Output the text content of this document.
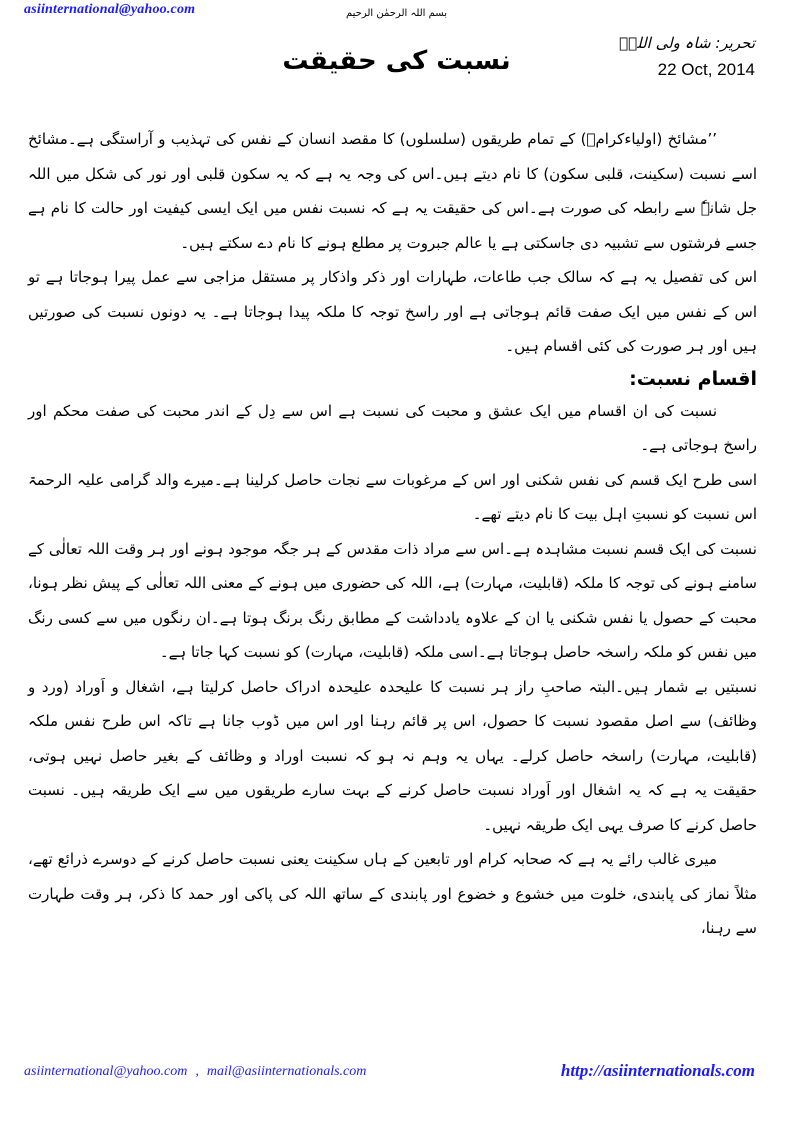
asiinternational@yahoo.com	بسم اللہ الرحمٰن الرحیم
نسبت کی حقیقت
تحریر: شاہ ولی اللہؒ
22 Oct, 2014

’’مشائخ (اولیاءکرامؒ) کے تمام طریقوں (سلسلوں) کا مقصد انسان کے نفس کی تہذیب و آراستگی ہے۔مشائخ اسے نسبت (سکینت، قلبی سکون) کا نام دیتے ہیں۔اس کی وجہ یہ ہے کہ یہ سکون قلبی اور نور کی شکل میں اللہ جل شانہٗ سے رابطہ کی صورت ہے۔اس کی حقیقت یہ ہے کہ نسبت نفس میں ایک ایسی کیفیت اور حالت کا نام ہے جسے فرشتوں سے تشبیہ دی جاسکتی ہے یا عالم جبروت پر مطلع ہونے کا نام دے سکتے ہیں۔

اس کی تفصیل یہ ہے کہ سالک جب طاعات، طہارات اور ذکر واذکار پر مستقل مزاجی سے عمل پیرا ہوجاتا ہے تو اس کے نفس میں ایک صفت قائم ہوجاتی ہے اور راسخ توجہ کا ملکہ پیدا ہوجاتا ہے۔ یہ دونوں نسبت کی صورتیں ہیں اور ہر صورت کی کئی اقسام ہیں۔

اقسام نسبت:

نسبت کی ان اقسام میں ایک عشق و محبت کی نسبت ہے اس سے دِل کے اندر محبت کی صفت محکم اور راسخ ہوجاتی ہے۔

اسی طرح ایک قسم کی نفس شکنی اور اس کے مرغوبات سے نجات حاصل کرلینا ہے۔میرے والد گرامی علیہ الرحمۃ اس نسبت کو نسبتِ اہل بیت کا نام دیتے تھے۔

نسبت کی ایک قسم نسبت مشاہدہ ہے۔اس سے مراد ذات مقدس کے ہر جگہ موجود ہونے اور ہر وقت اللہ تعالٰی کے سامنے ہونے کی توجہ کا ملکہ (قابلیت، مہارت) ہے، اللہ کی حضوری میں ہونے کے معنی اللہ تعالٰی کے پیش نظر ہونا، محبت کے حصول یا نفس شکنی یا ان کے علاوہ یادداشت کے مطابق رنگ برنگ ہوتا ہے۔ان رنگوں میں سے کسی رنگ میں نفس کو ملکہ راسخہ حاصل ہوجاتا ہے۔اسی ملکہ (قابلیت، مہارت) کو نسبت کہا جاتا ہے۔

نسبتیں بے شمار ہیں۔البتہ صاحبِ راز ہر نسبت کا علیحدہ علیحدہ ادراک حاصل کرلیتا ہے، اشغال و اَوراد (ورد و وظائف) سے اصل مقصود نسبت کا حصول، اس پر قائم رہنا اور اس میں ڈوب جانا ہے تاکہ اس طرح نفس ملکہ (قابلیت، مہارت) راسخہ حاصل کرلے۔ یہاں یہ وہم نہ ہو کہ نسبت اوراد و وظائف کے بغیر حاصل نہیں ہوتی، حقیقت یہ ہے کہ یہ اشغال اور اَوراد نسبت حاصل کرنے کے بہت سارے طریقوں میں سے ایک طریقہ ہیں۔ نسبت حاصل کرنے کا صرف یہی ایک طریقہ نہیں۔

میری غالب رائے یہ ہے کہ صحابہ کرام اور تابعین کے ہاں سکینت یعنی نسبت حاصل کرنے کے دوسرے ذرائع تھے، مثلاً نماز کی پابندی، خلوت میں خشوع و خضوع اور پابندی کے ساتھ اللہ کی پاکی اور حمد کا ذکر، ہر وقت طہارت سے رہنا،

asiinternational@yahoo.com , mail@asiinternationals.com	http://asiinternationals.com
